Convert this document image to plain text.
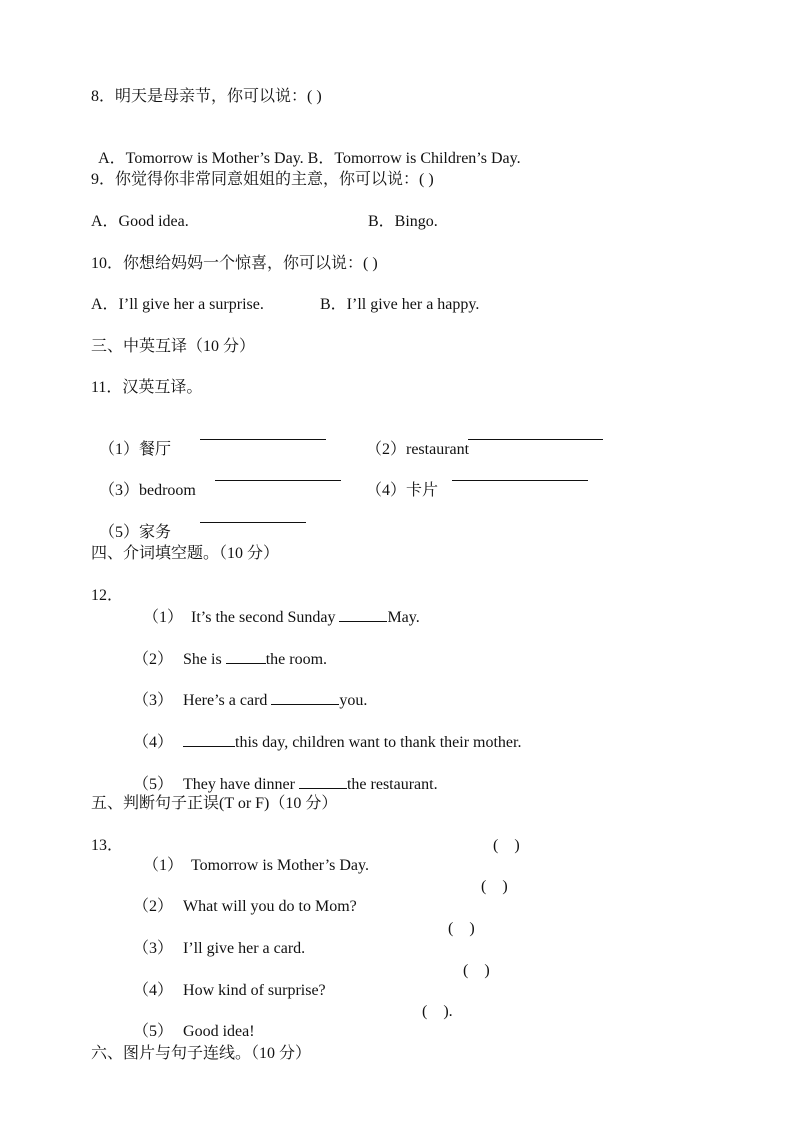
8．明天是母亲节，你可以说：( )

A．Tomorrow is Mother’s Day. B．Tomorrow is Children’s Day.

9．你觉得你非常同意姐姐的主意，你可以说：( )
A．Good idea.	B．Bingo.
10．你想给妈妈一个惊喜，你可以说：( )
A．I’ll give her a surprise.	B．I’ll give her a happy.
三、中英互译（10 分）
11．汉英互译。

（1）餐厅	（2）restaurant

（3）bedroom	（4）卡片

（5）家务

四、介词填空题。（10 分）
12．

（1） It’s the second Sunday	May.

（2） She is	the room.

（3） Here’s a card	you.

（4）	this day, children want to thank their mother.

（5） They have dinner	the restaurant.

五、判断句子正误(T or F)（10 分）
13．

（1） Tomorrow is Mother’s Day.

(    )

（2） What will you do to Mom?

(    )

（3） I’ll give her a card.

(    )

（4） How kind of surprise?

(    )

（5） Good idea!

(    ).
六、图片与句子连线。（10 分）
